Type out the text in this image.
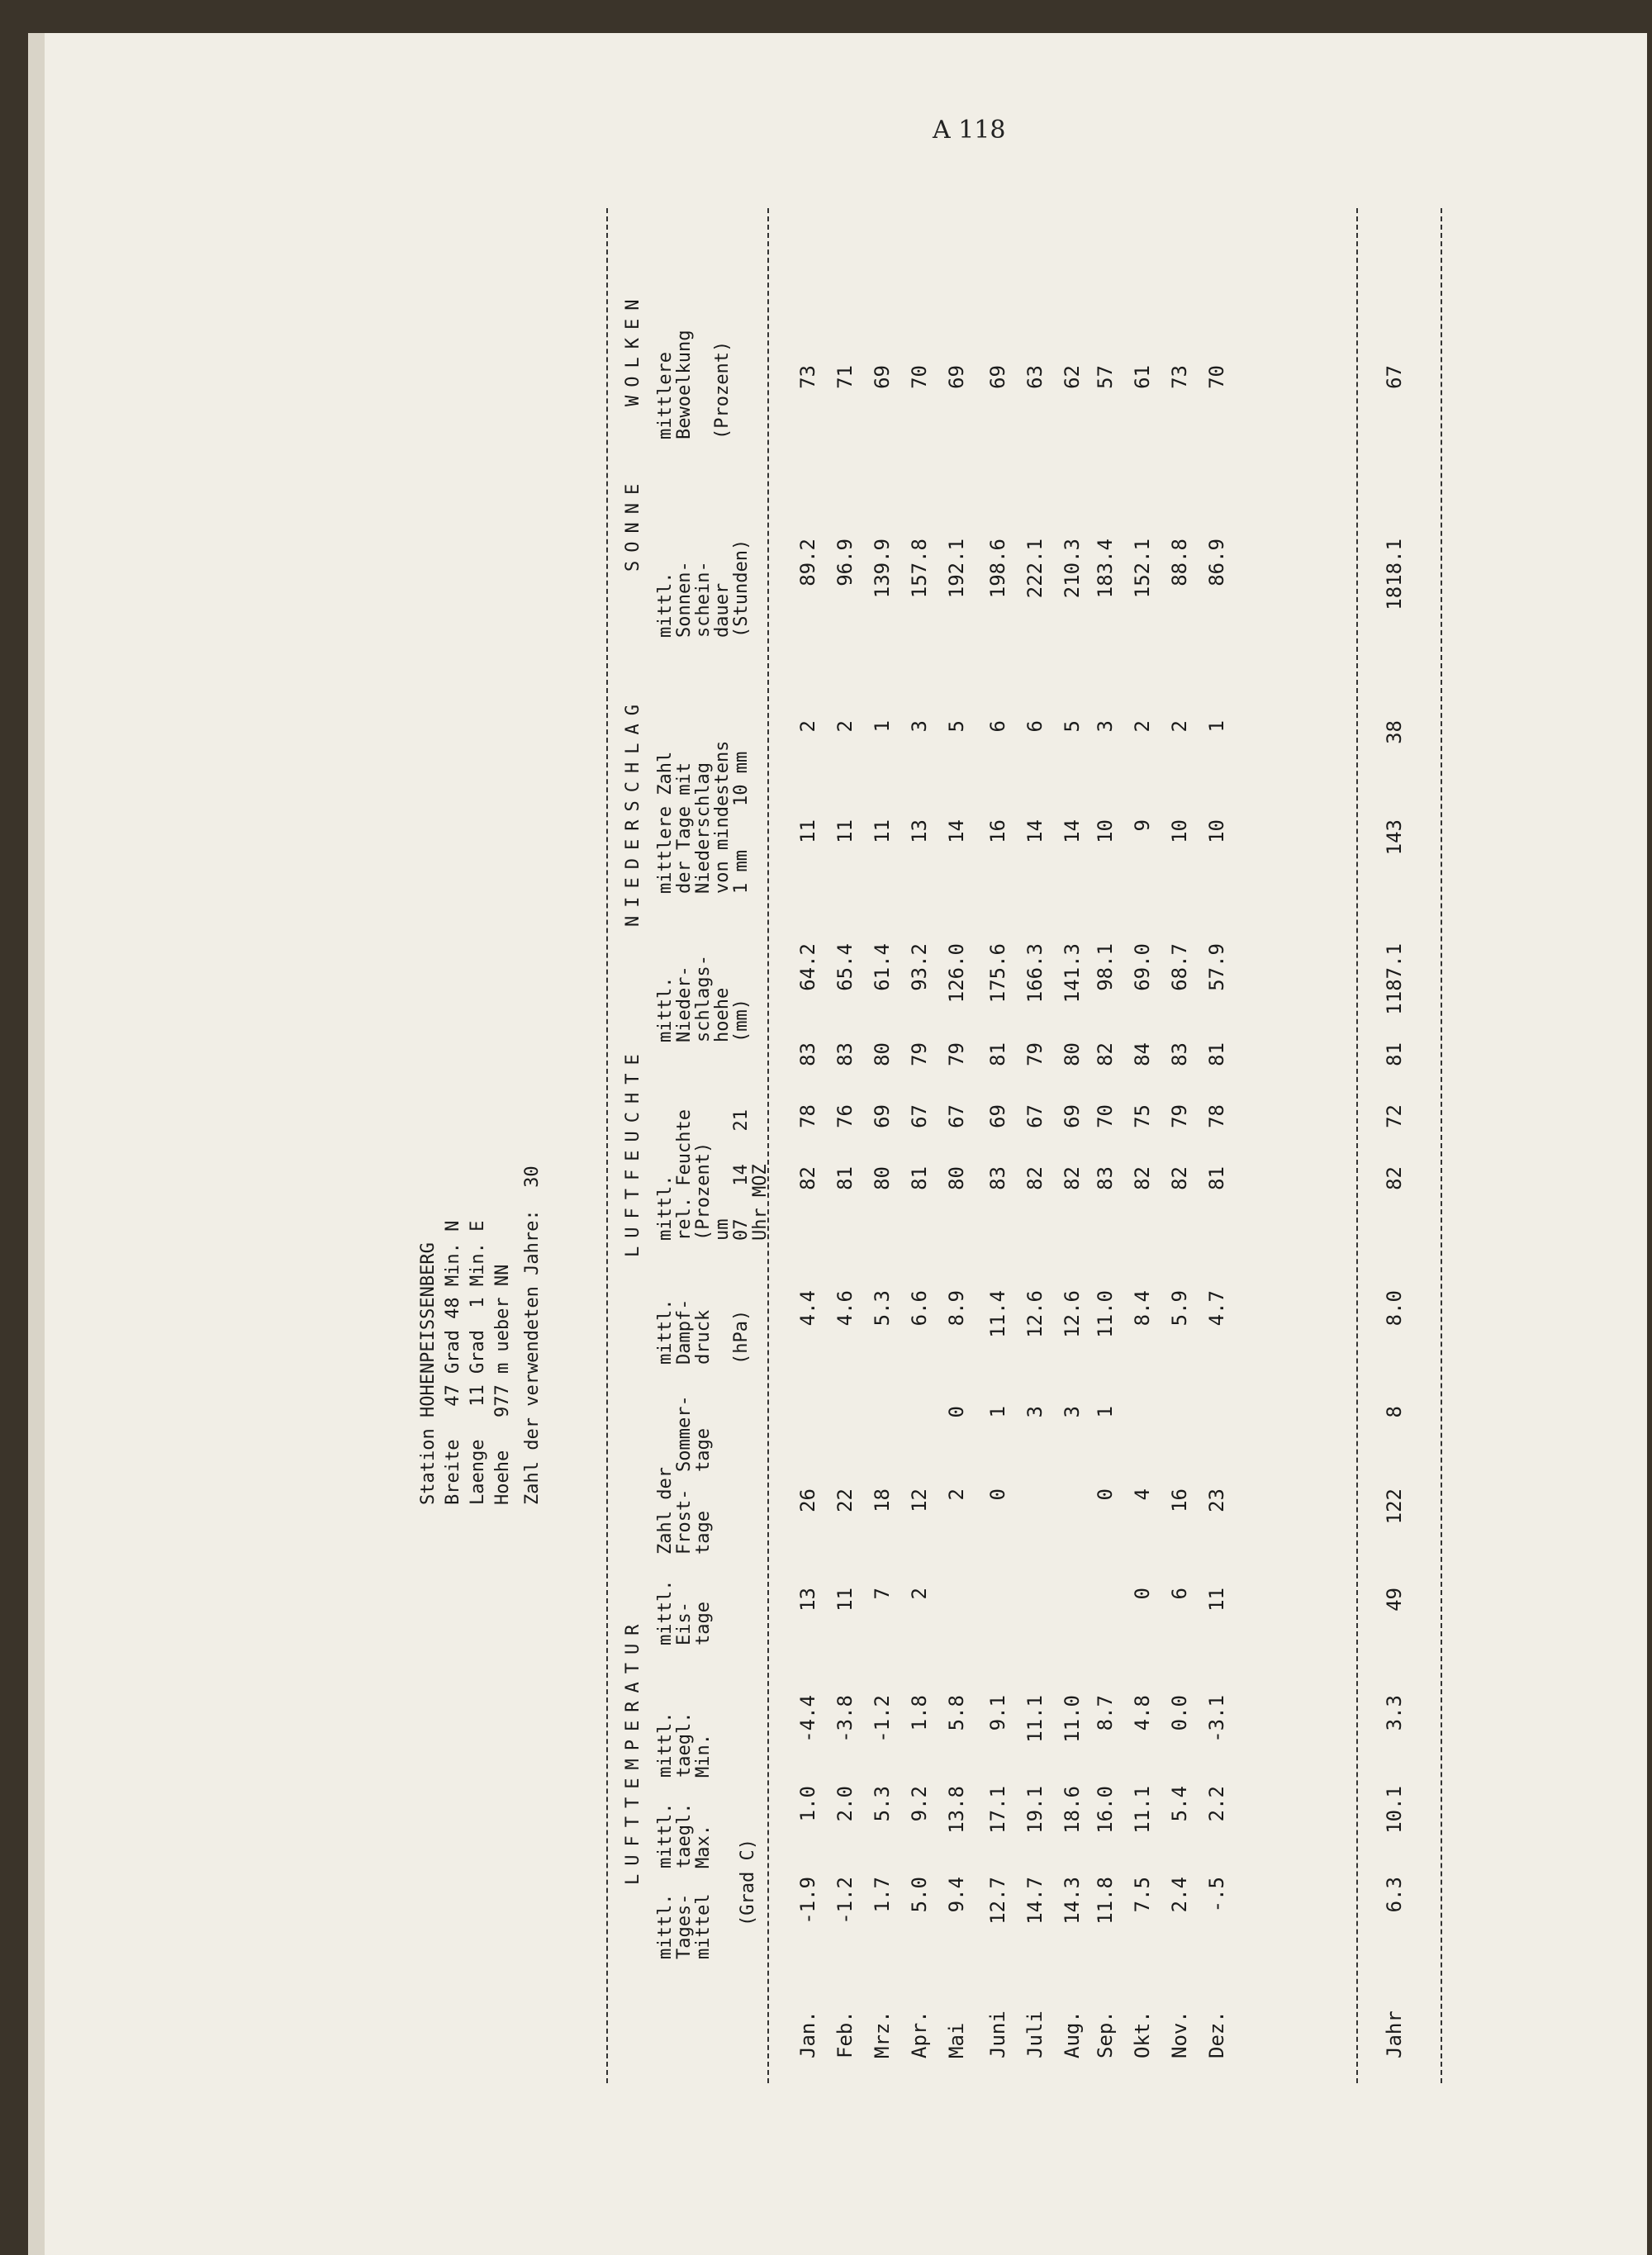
A 118
Station HOHENPEISSENBERG Breite   47 Grad 48 Min. N Laenge   11 Grad  1 Min. E Hoehe   977 m ueber NN Zahl der verwendeten Jahre:  30
LUFTTEMPERATUR
LUFTFEUCHTE
NIEDERSCHLAG
SONNE
WOLKEN
mittl.
Tages-
mittel
mittl.
taegl.
Max.
mittl.
taegl.
Min.
mittl.
Eis-
tage
Zahl der
Frost-
tage
Sommer-
tage
(Grad C)
mittl.
Dampf-
druck

(hPa)
mittl.
rel. Feuchte
(Prozent)
um
07   14   21
Uhr MOZ
mittl.
Nieder-
schlags-
hoehe
(mm)
mittlere Zahl
der Tage mit
Niederschlag
von mindestens
1 mm    10 mm
mittl.
Sonnen-
schein-
dauer
(Stunden)
mittlere
Bewoelkung

(Prozent)
Jan.
-1.9
1.0
-4.4
13
26
4.4
82
78
83
64.2
11
2
89.2
73
Feb.
-1.2
2.0
-3.8
11
22
4.6
81
76
83
65.4
11
2
96.9
71
Mrz.
1.7
5.3
-1.2
7
18
5.3
80
69
80
61.4
11
1
139.9
69
Apr.
5.0
9.2
1.8
2
12
6.6
81
67
79
93.2
13
3
157.8
70
Mai
9.4
13.8
5.8
2
0
8.9
80
67
79
126.0
14
5
192.1
69
Juni
12.7
17.1
9.1
0
1
11.4
83
69
81
175.6
16
6
198.6
69
Juli
14.7
19.1
11.1
3
12.6
82
67
79
166.3
14
6
222.1
63
Aug.
14.3
18.6
11.0
3
12.6
82
69
80
141.3
14
5
210.3
62
Sep.
11.8
16.0
8.7
0
1
11.0
83
70
82
98.1
10
3
183.4
57
Okt.
7.5
11.1
4.8
0
4
8.4
82
75
84
69.0
9
2
152.1
61
Nov.
2.4
5.4
0.0
6
16
5.9
82
79
83
68.7
10
2
88.8
73
Dez.
-.5
2.2
-3.1
11
23
4.7
81
78
81
57.9
10
1
86.9
70
Jahr
6.3
10.1
3.3
49
122
8
8.0
82
72
81
1187.1
143
38
1818.1
67
